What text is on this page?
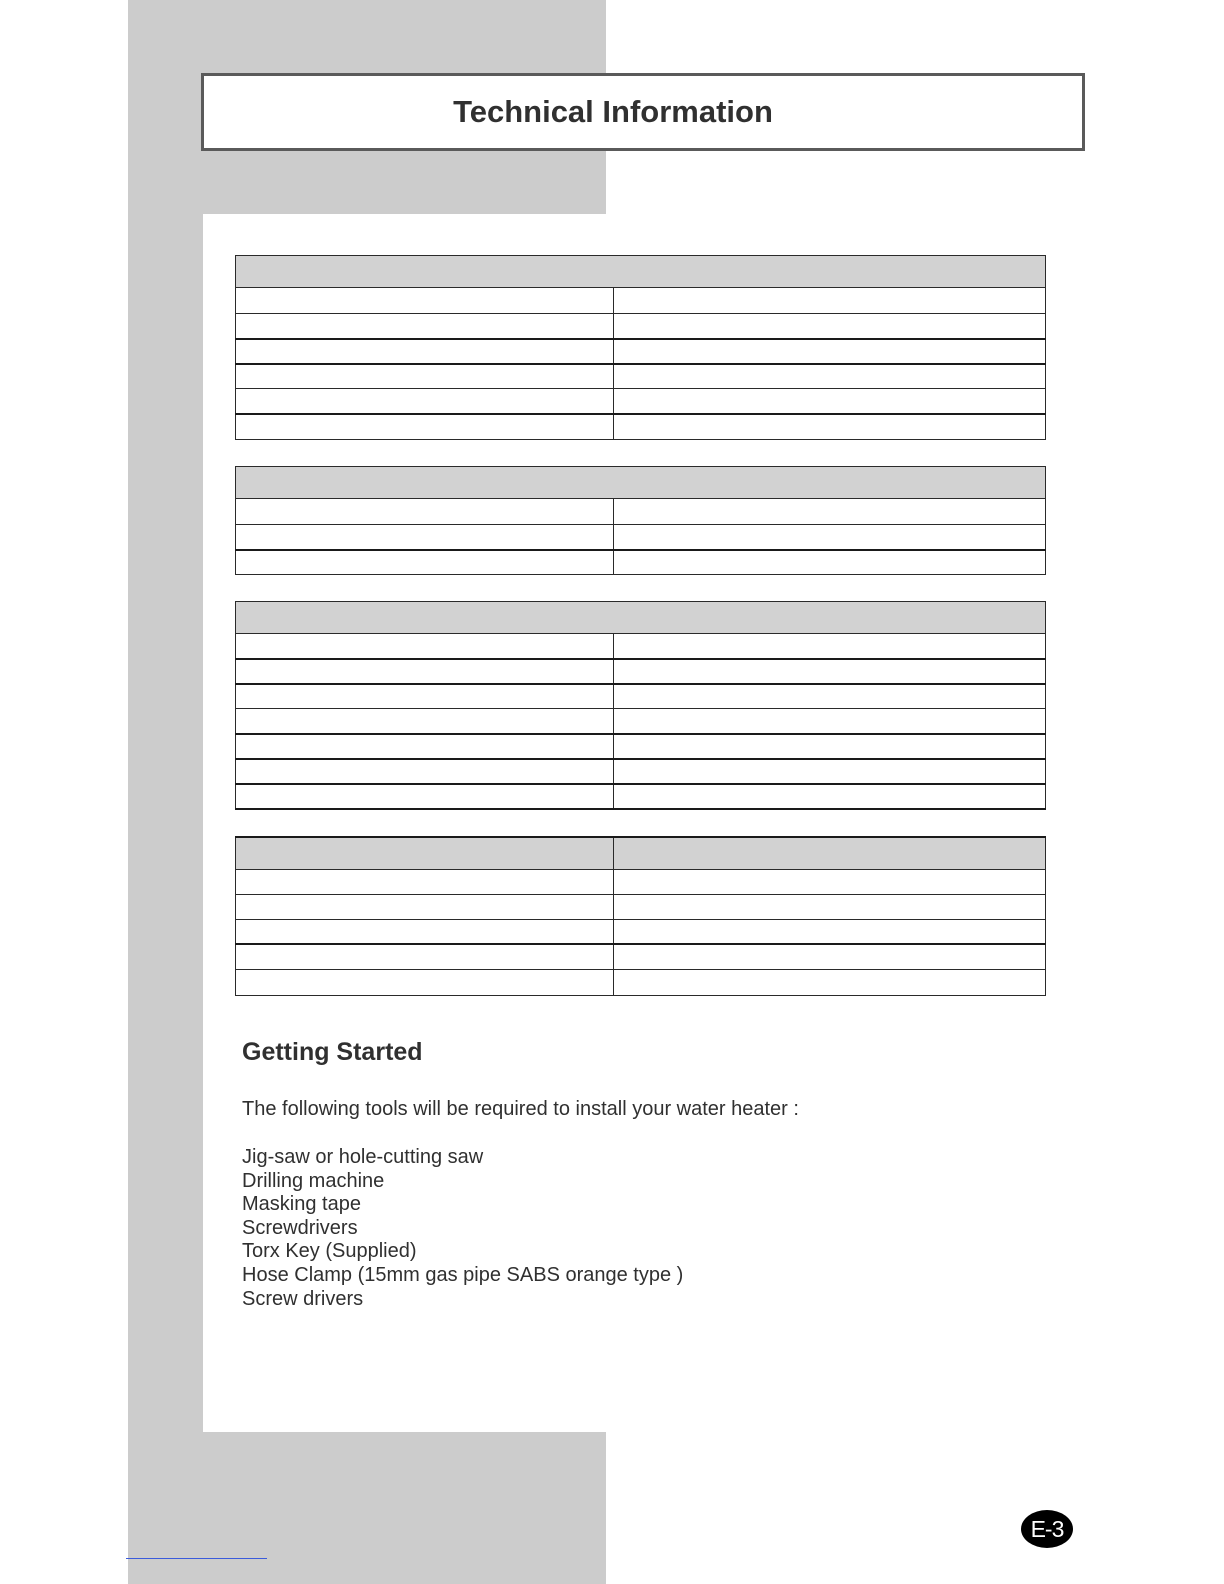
Technical Information

Getting Started

The following tools will be required to install your water heater :

Jig-saw or hole-cutting saw
Drilling machine
Masking tape
Screwdrivers
Torx Key (Supplied)
Hose Clamp (15mm gas pipe SABS orange type )
Screw drivers
E-3
